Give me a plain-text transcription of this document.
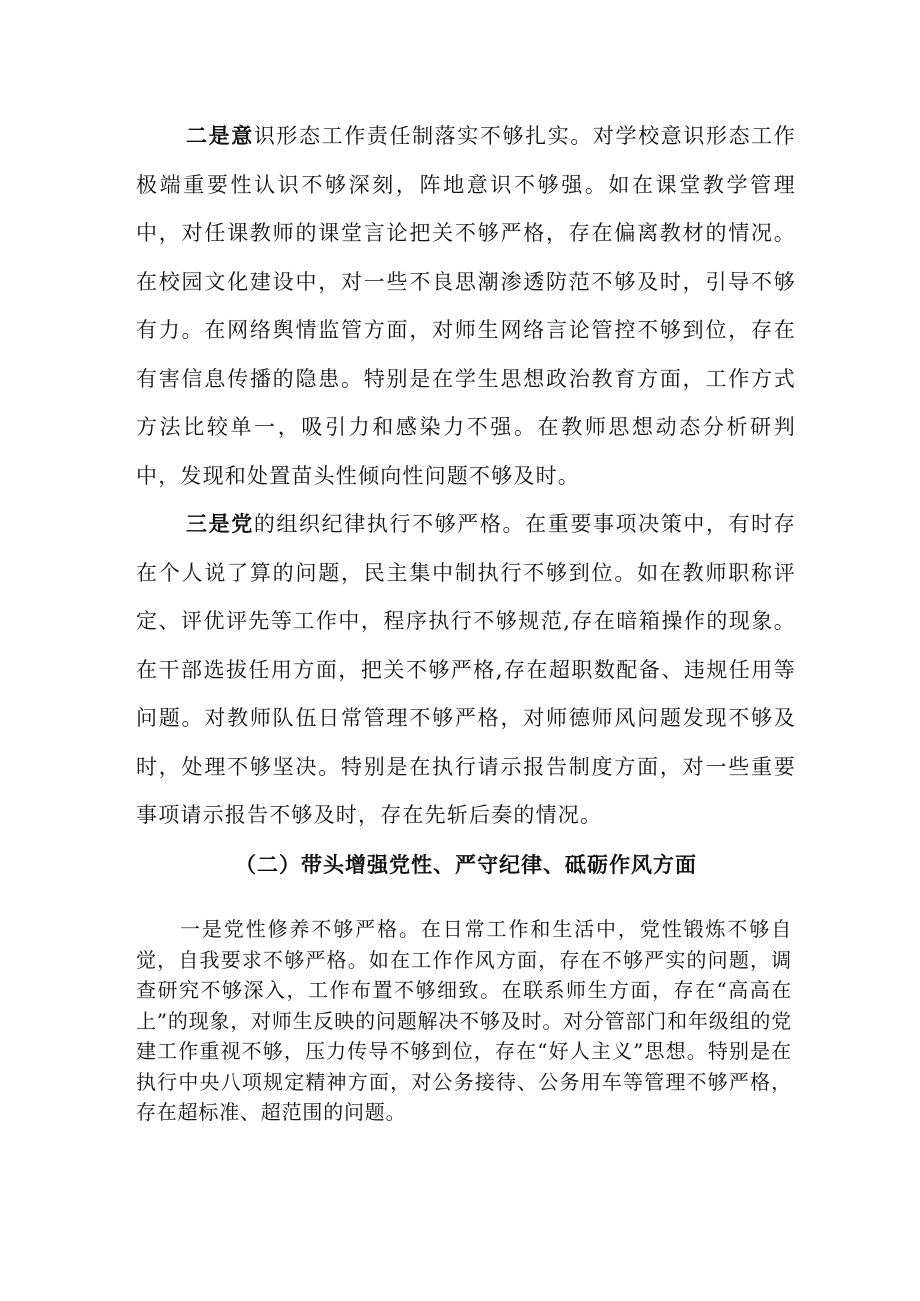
二是意识形态工作责任制落实不够扎实。对学校意识形态工作极端重要性认识不够深刻，阵地意识不够强。如在课堂教学管理中，对任课教师的课堂言论把关不够严格，存在偏离教材的情况。在校园文化建设中，对一些不良思潮渗透防范不够及时，引导不够有力。在网络舆情监管方面，对师生网络言论管控不够到位，存在有害信息传播的隐患。特别是在学生思想政治教育方面，工作方式方法比较单一，吸引力和感染力不强。在教师思想动态分析研判中，发现和处置苗头性倾向性问题不够及时。

三是党的组织纪律执行不够严格。在重要事项决策中，有时存在个人说了算的问题，民主集中制执行不够到位。如在教师职称评定、评优评先等工作中，程序执行不够规范,存在暗箱操作的现象。在干部选拔任用方面，把关不够严格,存在超职数配备、违规任用等问题。对教师队伍日常管理不够严格，对师德师风问题发现不够及时，处理不够坚决。特别是在执行请示报告制度方面，对一些重要事项请示报告不够及时，存在先斩后奏的情况。

（二）带头增强党性、严守纪律、砥砺作风方面

一是党性修养不够严格。在日常工作和生活中，党性锻炼不够自觉，自我要求不够严格。如在工作作风方面，存在不够严实的问题，调查研究不够深入，工作布置不够细致。在联系师生方面，存在“高高在上”的现象，对师生反映的问题解决不够及时。对分管部门和年级组的党建工作重视不够，压力传导不够到位，存在“好人主义”思想。特别是在执行中央八项规定精神方面，对公务接待、公务用车等管理不够严格，存在超标准、超范围的问题。
